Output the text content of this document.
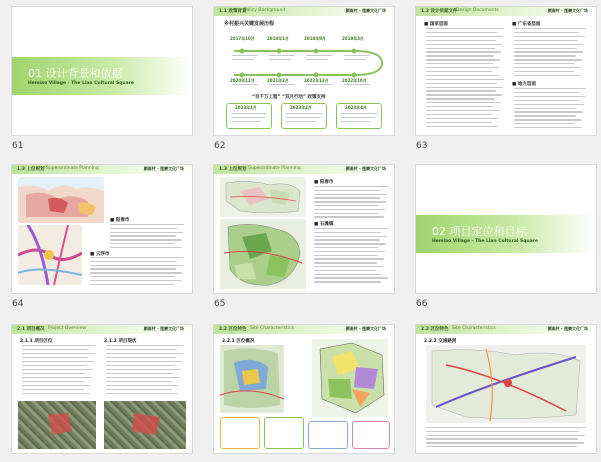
01 设计背景和依据
Hemiao Village - The Lian Cultural Square
61
1.1 政策背景
Policy Background	颜南村 · 莲廉文化广场
乡村振兴关键发展历程
2017年10月	2018年1月	2018年9月	2019年3月
2020年12月	2021年2月	2022年12月	2022年10月
“百千万工程” “双月行动” 政策支持
2023年1月	2023年2月	2023年4月
62
1.2 设计依据文件
Design Documents	颜南村 · 莲廉文化广场
■ 国家层面	■ 广东省层面
■ 地方层面
63
1.3 上位规划 Superordinate Planning	颜南村 · 莲廉文化广场
■ 阳春市
■ 云浮市
64
1.3 上位规划 Superordinate Planning	颜南村 · 莲廉文化广场
■ 阳春市
■ 石滩镇
65
02 项目定位和目标
Hemiao Village - The Lian Cultural Square
66
2.1 项目概况 Project Overview	颜南村 · 莲廉文化广场
2.1.1 项目区位	2.1.2 项目现状
2.2 区位特色 Site Characteristics	颜南村 · 莲廉文化广场
2.2.1 区位概况
2.2 区位特色 Site Characteristics	颜南村 · 莲廉文化广场
2.2.2 交通路网
